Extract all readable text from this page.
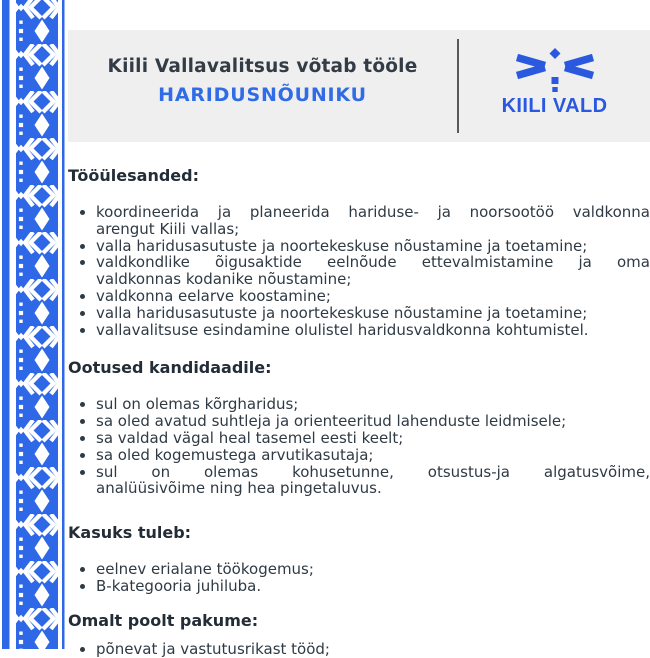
Kiili Vallavalitsus võtab tööle
HARIDUSNÕUNIKU	KIILI VALD
Tööülesanded:
• koordineerida ja planeerida hariduse- ja noorsootöö valdkonna
arengut Kiili vallas;
• valla haridusasutuste ja noortekeskuse nõustamine ja toetamine;
• valdkondlike õigusaktide eelnõude ettevalmistamine ja oma
valdkonnas kodanike nõustamine;
• valdkonna eelarve koostamine;
• valla haridusasutuste ja noortekeskuse nõustamine ja toetamine;
• vallavalitsuse esindamine olulistel haridusvaldkonna kohtumistel.
Ootused kandidaadile:
• sul on olemas kõrgharidus;
• sa oled avatud suhtleja ja orienteeritud lahenduste leidmisele;
• sa valdad vägal heal tasemel eesti keelt;
• sa oled kogemustega arvutikasutaja;
• sul on olemas kohusetunne, otsustus-ja algatusvõime,
analüüsivõime ning hea pingetaluvus.
Kasuks tuleb:
• eelnev erialane töökogemus;
• B-kategooria juhiluba.
Omalt poolt pakume:
• põnevat ja vastutusrikast tööd;
